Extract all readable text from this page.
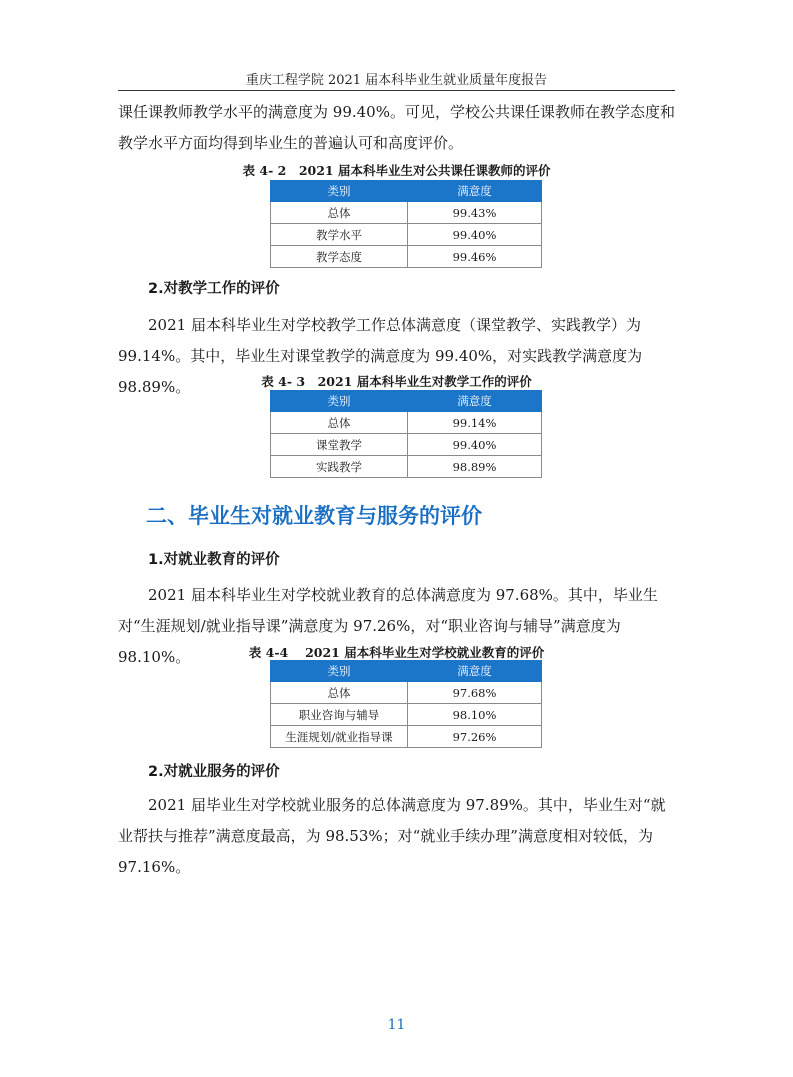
重庆工程学院 2021 届本科毕业生就业质量年度报告

课任课教师教学水平的满意度为 99.40%。可见，学校公共课任课教师在教学态度和教学水平方面均得到毕业生的普遍认可和高度评价。

表 4- 2　2021 届本科毕业生对公共课任课教师的评价
类别	满意度
总体	99.43%
教学水平	99.40%
教学态度	99.46%
2.对教学工作的评价

2021 届本科毕业生对学校教学工作总体满意度（课堂教学、实践教学）为 99.14%。其中，毕业生对课堂教学的满意度为 99.40%，对实践教学满意度为 98.89%。	表 4- 3　2021 届本科毕业生对教学工作的评价
类别	满意度
总体	99.14%
课堂教学	99.40%
实践教学	98.89%
二、毕业生对就业教育与服务的评价
1.对就业教育的评价

2021 届本科毕业生对学校就业教育的总体满意度为 97.68%。其中，毕业生对“生涯规划/就业指导课”满意度为 97.26%，对“职业咨询与辅导”满意度为 98.10%。	表 4-4　 2021 届本科毕业生对学校就业教育的评价
类别	满意度
总体	97.68%
职业咨询与辅导	98.10%
生涯规划/就业指导课	97.26%
2.对就业服务的评价

2021 届毕业生对学校就业服务的总体满意度为 97.89%。其中，毕业生对“就业帮扶与推荐”满意度最高，为 98.53%；对“就业手续办理”满意度相对较低，为 97.16%。

11
